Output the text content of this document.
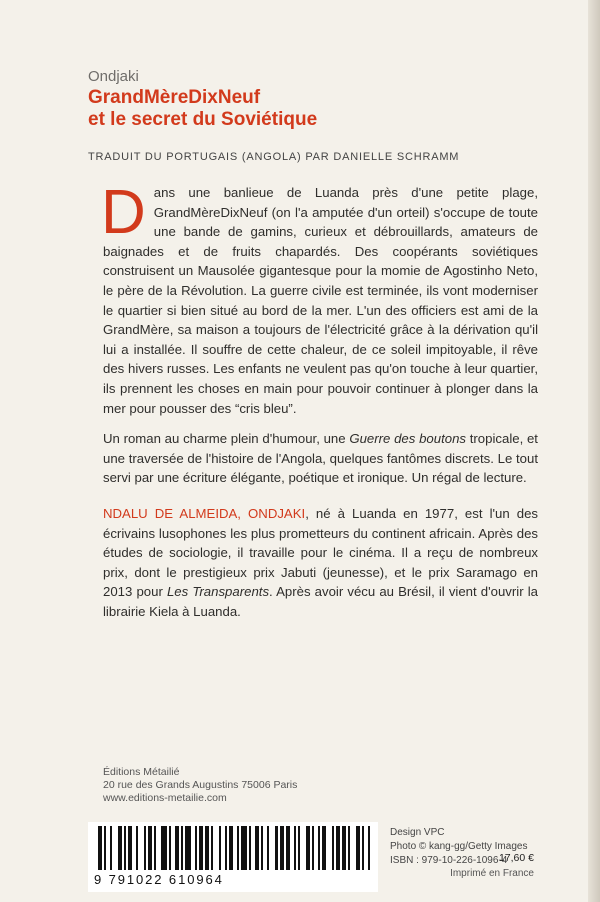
Ondjaki
GrandMèreDixNeuf
et le secret du Soviétique
TRADUIT DU PORTUGAIS (ANGOLA) PAR DANIELLE SCHRAMM

Dans une banlieue de Luanda près d'une petite plage, GrandMèreDixNeuf (on l'a amputée d'un orteil) s'occupe de toute une bande de gamins, curieux et débrouillards, amateurs de baignades et de fruits chapardés. Des coopérants soviétiques construisent un Mausolée gigantesque pour la momie de Agostinho Neto, le père de la Révolution. La guerre civile est terminée, ils vont moderniser le quartier si bien situé au bord de la mer. L'un des officiers est ami de la GrandMère, sa maison a toujours de l'électricité grâce à la dérivation qu'il lui a installée. Il souffre de cette chaleur, de ce soleil impitoyable, il rêve des hivers russes. Les enfants ne veulent pas qu'on touche à leur quartier, ils prennent les choses en main pour pouvoir continuer à plonger dans la mer pour pousser des “cris bleu”.

Un roman au charme plein d'humour, une Guerre des boutons tropicale, et une traversée de l'histoire de l'Angola, quelques fantômes discrets. Le tout servi par une écriture élégante, poétique et ironique. Un régal de lecture.

NDALU DE ALMEIDA, ONDJAKI, né à Luanda en 1977, est l'un des écrivains lusophones les plus prometteurs du continent africain. Après des études de sociologie, il travaille pour le cinéma. Il a reçu de nombreux prix, dont le prestigieux prix Jabuti (jeunesse), et le prix Saramago en 2013 pour Les Transparents. Après avoir vécu au Brésil, il vient d'ouvrir la librairie Kiela à Luanda.

Éditions Métailié
20 rue des Grands Augustins 75006 Paris
www.editions-metailie.com
9 791022 610964
Design VPC
Photo © kang-gg/Getty Images
ISBN : 979-10-226-1096-4
17,60 €
Imprimé en France
